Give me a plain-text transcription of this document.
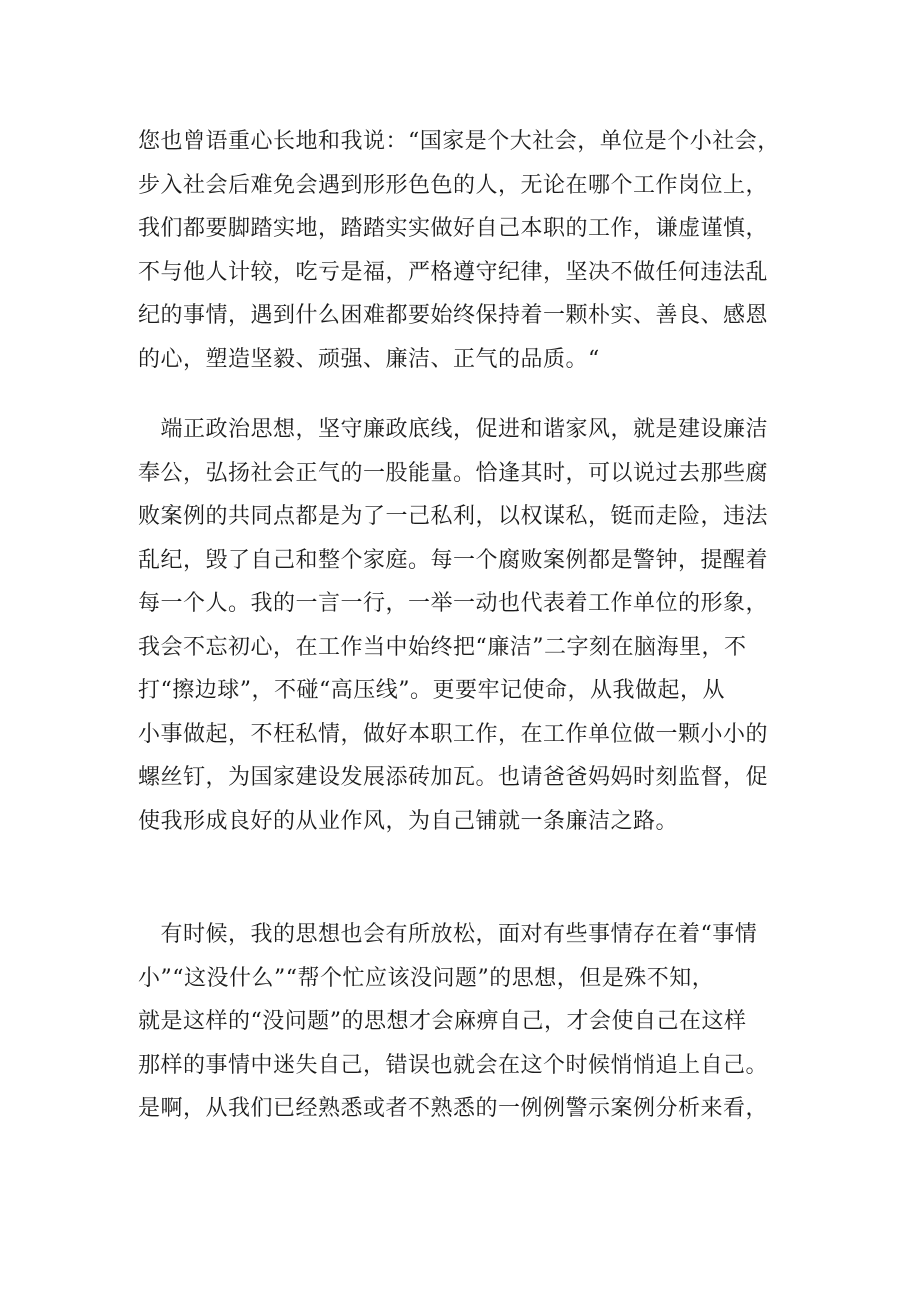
您也曾语重心长地和我说：“国家是个大社会，单位是个小社会，
步入社会后难免会遇到形形色色的人，无论在哪个工作岗位上，
我们都要脚踏实地，踏踏实实做好自己本职的工作，谦虚谨慎，
不与他人计较，吃亏是福，严格遵守纪律，坚决不做任何违法乱
纪的事情，遇到什么困难都要始终保持着一颗朴实、善良、感恩
的心，塑造坚毅、顽强、廉洁、正气的品质。“

　端正政治思想，坚守廉政底线，促进和谐家风，就是建设廉洁
奉公，弘扬社会正气的一股能量。恰逢其时，可以说过去那些腐
败案例的共同点都是为了一己私利，以权谋私，铤而走险，违法
乱纪，毁了自己和整个家庭。每一个腐败案例都是警钟，提醒着
每一个人。我的一言一行，一举一动也代表着工作单位的形象，
我会不忘初心，在工作当中始终把“廉洁”二字刻在脑海里，不
打“擦边球”，不碰“高压线”。更要牢记使命，从我做起，从
小事做起，不枉私情，做好本职工作，在工作单位做一颗小小的
螺丝钉，为国家建设发展添砖加瓦。也请爸爸妈妈时刻监督，促
使我形成良好的从业作风，为自己铺就一条廉洁之路。

　有时候，我的思想也会有所放松，面对有些事情存在着“事情
小”“这没什么”“帮个忙应该没问题”的思想，但是殊不知，
就是这样的“没问题”的思想才会麻痹自己，才会使自己在这样
那样的事情中迷失自己，错误也就会在这个时候悄悄追上自己。
是啊，从我们已经熟悉或者不熟悉的一例例警示案例分析来看，
